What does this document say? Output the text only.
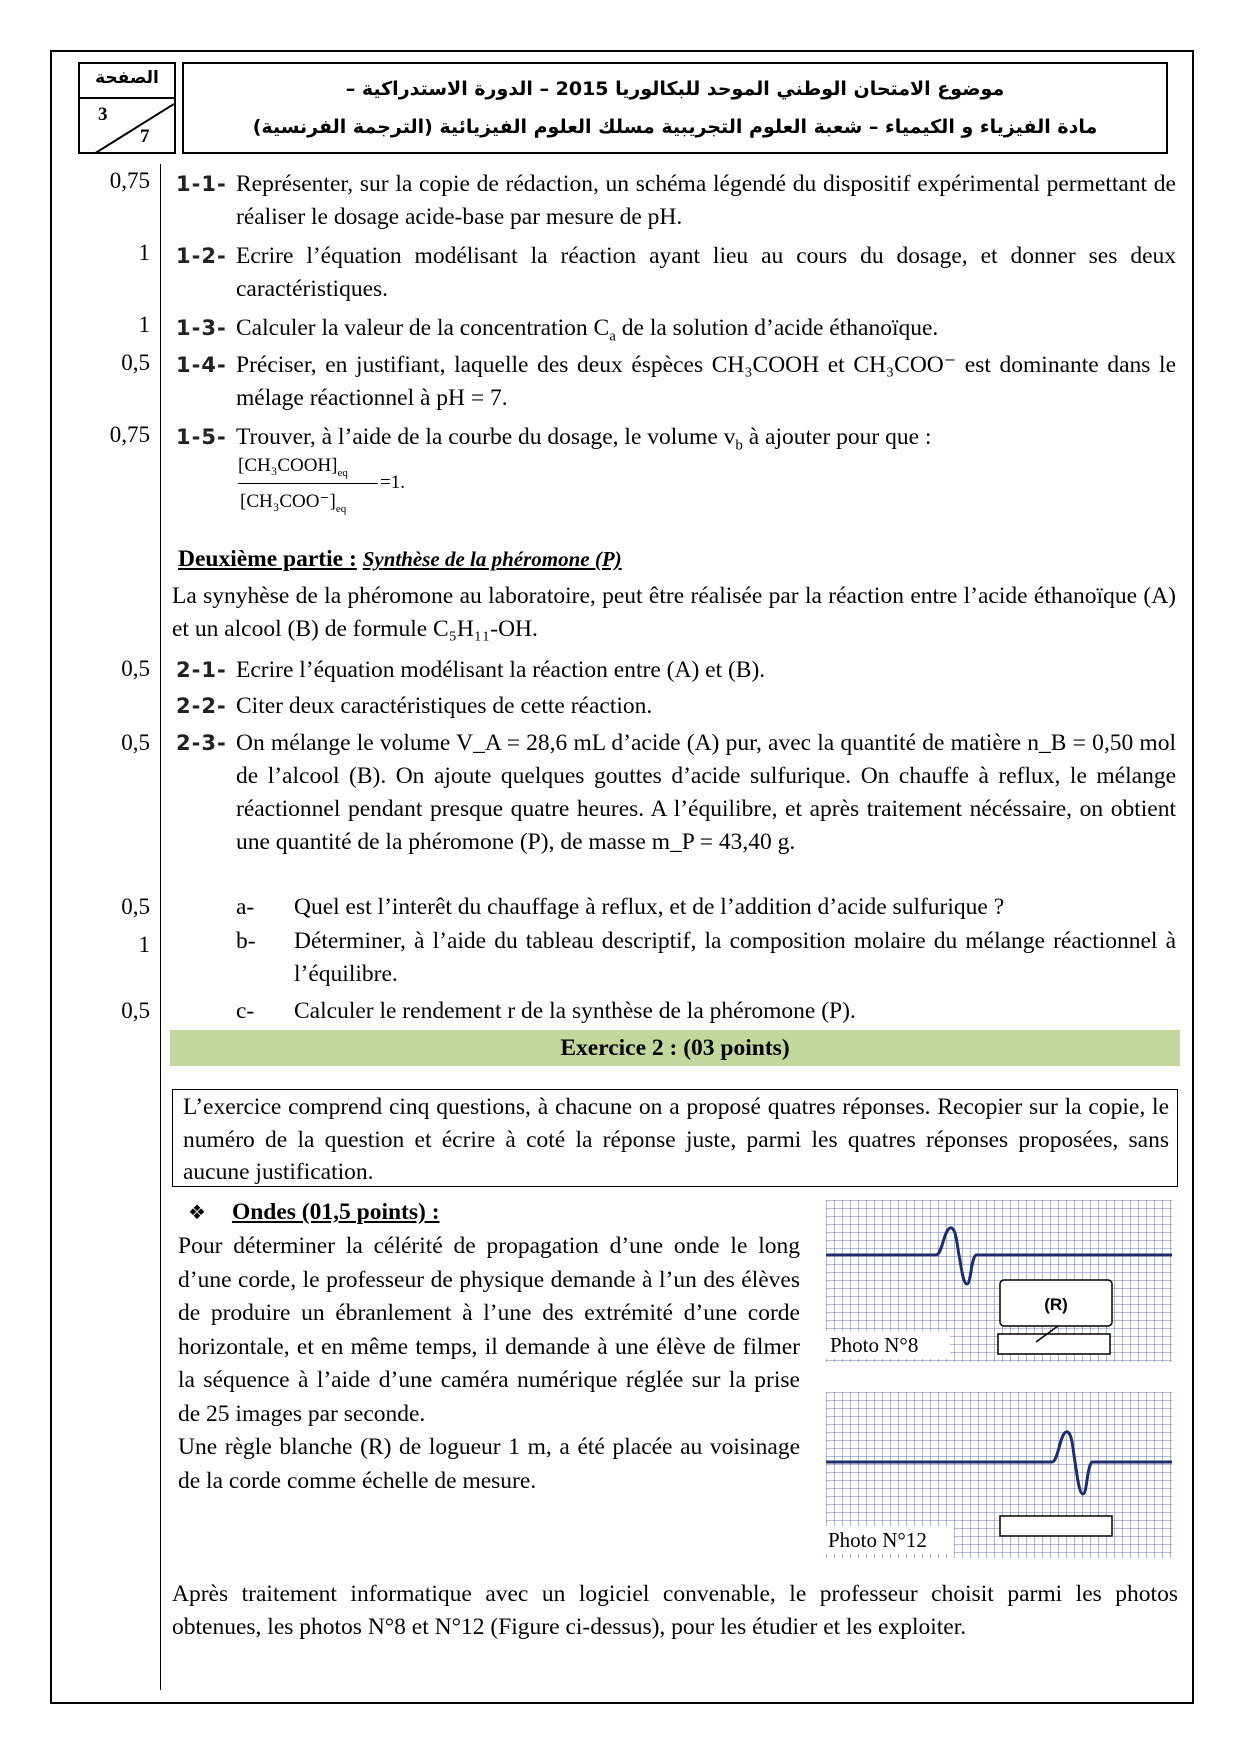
الصفحة
3
7
موضوع الامتحان الوطني الموحد للبكالوريا 2015 – الدورة الاستدراكية –
مادة الفيزياء و الكيمياء – شعبة العلوم التجريبية مسلك العلوم الفيزيائية (الترجمة الفرنسية)
0,75
1
1
0,5
0,75
0,5
0,5
0,5
1
0,5
1-1- Représenter, sur la copie de rédaction, un schéma légendé du dispositif expérimental permettant de réaliser le dosage acide-base par mesure de pH.
1-2- Ecrire l’équation modélisant la réaction ayant lieu au cours du dosage, et donner ses deux caractéristiques.
1-3- Calculer la valeur de la concentration $C_a$ de la solution d’acide éthanoïque.
1-4- Préciser, en justifiant, laquelle des deux éspèces CH₃COOH et CH₃COO⁻ est dominante dans le mélage réactionnel à pH = 7.
1-5- Trouver, à l’aide de la courbe du dosage, le volume $v_b$ à ajouter pour que :
$[CH_3COOH]_{eq}$
$[CH_3COO^-]_{eq}$
=1.
Deuxième partie : Synthèse de la phéromone (P)
La synyhèse de la phéromone au laboratoire, peut être réalisée par la réaction entre l’acide éthanoïque (A) et un alcool (B) de formule C₅H₁₁-OH.
2-1- Ecrire l’équation modélisant la réaction entre (A) et (B).
2-2- Citer deux caractéristiques de cette réaction.
2-3- On mélange le volume V_A = 28,6 mL d’acide (A) pur, avec la quantité de matière n_B = 0,50 mol de l’alcool (B). On ajoute quelques gouttes d’acide sulfurique. On chauffe à reflux, le mélange réactionnel pendant presque quatre heures. A l’équilibre, et après traitement nécéssaire, on obtient une quantité de la phéromone (P), de masse m_P = 43,40 g.
a- Quel est l’interêt du chauffage à reflux, et de l’addition d’acide sulfurique ?
b- Déterminer, à l’aide du tableau descriptif, la composition molaire du mélange réactionnel à l’équilibre.
c- Calculer le rendement r de la synthèse de la phéromone (P).
Exercice 2 : (03 points)
L’exercice comprend cinq questions, à chacune on a proposé quatres réponses. Recopier sur la copie, le numéro de la question et écrire à coté la réponse juste, parmi les quatres réponses proposées, sans aucune justification.
❖ Ondes (01,5 points) :
Pour déterminer la célérité de propagation d’une onde le long d’une corde, le professeur de physique demande à l’un des élèves de produire un ébranlement à l’une des extrémité d’une corde horizontale, et en même temps, il demande à une élève de filmer la séquence à l’aide d’une caméra numérique réglée sur la prise de 25 images par seconde.
Une règle blanche (R) de logueur 1 m, a été placée au voisinage de la corde comme échelle de mesure.
(R)
Photo N°8
Photo N°12
Après traitement informatique avec un logiciel convenable, le professeur choisit parmi les photos obtenues, les photos N°8 et N°12 (Figure ci-dessus), pour les étudier et les exploiter.
